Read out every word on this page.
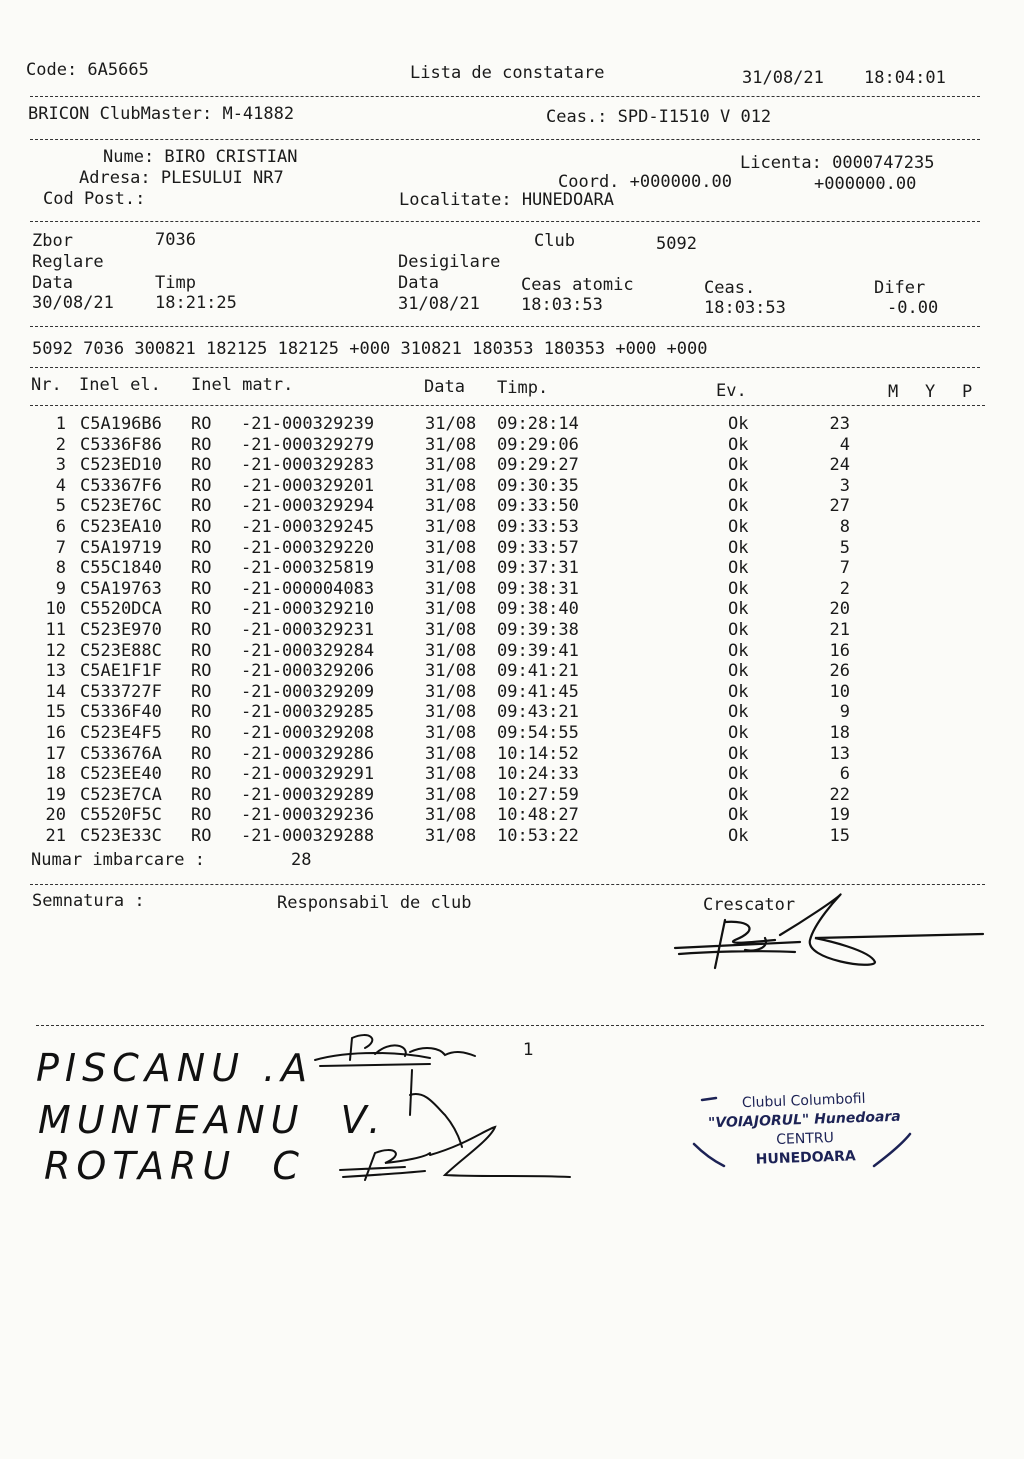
Code: 6A5665	Lista de constatare	31/08/21 18:04:01
BRICON ClubMaster: M-41882	Ceas.: SPD-I1510 V 012
Nume: BIRO CRISTIAN	Licenta: 0000747235
Adresa: PLESULUI NR7	Coord. +000000.00	+000000.00
Cod Post.:	Localitate: HUNEDOARA
Zbor	7036	Club	5092
Reglare	Desigilare
Data	Timp	Data	Ceas atomic	Ceas.	Difer
30/08/21 18:21:25	31/08/21 18:03:53	18:03:53	-0.00
5092 7036 300821 182125 182125 +000 310821 180353 180353 +000 +000
Nr. Inel el. Inel matr.	Data Timp.	Ev.	M Y P
1 C5A196B6 RO -21-000329239	31/08 09:28:14	Ok	23
2 C5336F86 RO -21-000329279	31/08 09:29:06	Ok	4
3 C523ED10 RO -21-000329283	31/08 09:29:27	Ok	24
4 C53367F6 RO -21-000329201	31/08 09:30:35	Ok	3
5 C523E76C RO -21-000329294	31/08 09:33:50	Ok	27
6 C523EA10 RO -21-000329245	31/08 09:33:53	Ok	8
7 C5A19719 RO -21-000329220	31/08 09:33:57	Ok	5
8 C55C1840 RO -21-000325819	31/08 09:37:31	Ok	7
9 C5A19763 RO -21-000004083	31/08 09:38:31	Ok	2
10 C5520DCA RO -21-000329210	31/08 09:38:40	Ok	20
11 C523E970 RO -21-000329231	31/08 09:39:38	Ok	21
12 C523E88C RO -21-000329284	31/08 09:39:41	Ok	16
13 C5AE1F1F RO -21-000329206	31/08 09:41:21	Ok	26
14 C533727F RO -21-000329209	31/08 09:41:45	Ok	10
15 C5336F40 RO -21-000329285	31/08 09:43:21	Ok	9
16 C523E4F5 RO -21-000329208	31/08 09:54:55	Ok	18
17 C533676A RO -21-000329286	31/08 10:14:52	Ok	13
18 C523EE40 RO -21-000329291	31/08 10:24:33	Ok	6
19 C523E7CA RO -21-000329289	31/08 10:27:59	Ok	22
20 C5520F5C RO -21-000329236	31/08 10:48:27	Ok	19
21 C523E33C RO -21-000329288	31/08 10:53:22	Ok	15
Numar imbarcare :	28
Semnatura :	Responsabil de club	Crescator
PISCANU .A
MUNTEANU  V.
ROTARU  C
1
Clubul Columbofil
"VOIAJORUL" Hunedoara
CENTRU
HUNEDOARA
